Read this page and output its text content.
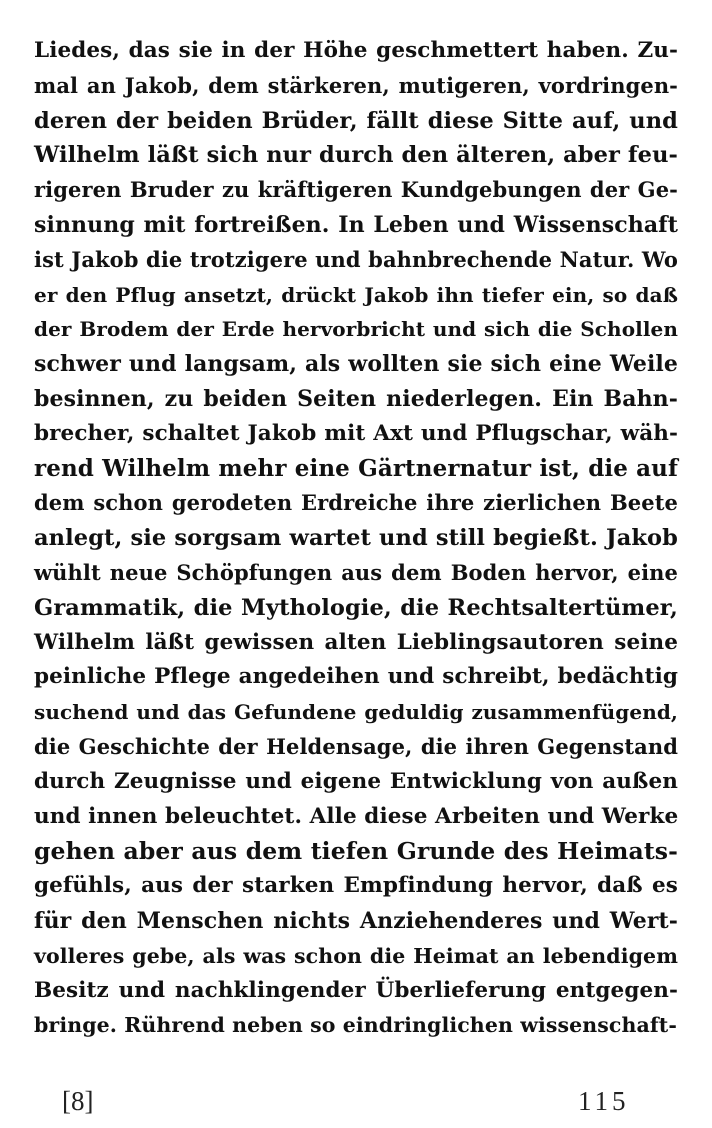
Liedes, das sie in der Höhe geschmettert haben. Zu-
mal an Jakob, dem stärkeren, mutigeren, vordringen-
deren der beiden Brüder, fällt diese Sitte auf, und
Wilhelm läßt sich nur durch den älteren, aber feu-
rigeren Bruder zu kräftigeren Kundgebungen der Ge-
sinnung mit fortreißen. In Leben und Wissenschaft
ist Jakob die trotzigere und bahnbrechende Natur. Wo
er den Pflug ansetzt, drückt Jakob ihn tiefer ein, so daß
der Brodem der Erde hervorbricht und sich die Schollen
schwer und langsam, als wollten sie sich eine Weile
besinnen, zu beiden Seiten niederlegen. Ein Bahn-
brecher, schaltet Jakob mit Axt und Pflugschar, wäh-
rend Wilhelm mehr eine Gärtnernatur ist, die auf
dem schon gerodeten Erdreiche ihre zierlichen Beete
anlegt, sie sorgsam wartet und still begießt. Jakob
wühlt neue Schöpfungen aus dem Boden hervor, eine
Grammatik, die Mythologie, die Rechtsaltertümer,
Wilhelm läßt gewissen alten Lieblingsautoren seine
peinliche Pflege angedeihen und schreibt, bedächtig
suchend und das Gefundene geduldig zusammenfügend,
die Geschichte der Heldensage, die ihren Gegenstand
durch Zeugnisse und eigene Entwicklung von außen
und innen beleuchtet. Alle diese Arbeiten und Werke
gehen aber aus dem tiefen Grunde des Heimats-
gefühls, aus der starken Empfindung hervor, daß es
für den Menschen nichts Anziehenderes und Wert-
volleres gebe, als was schon die Heimat an lebendigem
Besitz und nachklingender Überlieferung entgegen-
bringe. Rührend neben so eindringlichen wissenschaft-
[8]	115
